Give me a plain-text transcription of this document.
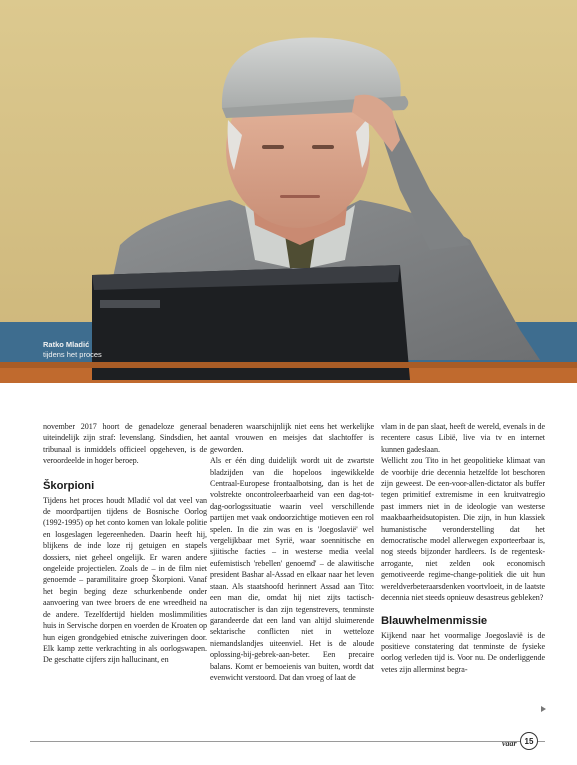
Ratko Mladić
tijdens het proces

november 2017 hoort de genadeloze generaal uiteindelijk zijn straf: levenslang. Sindsdien, het tribunaal is inmiddels officieel opgeheven, is de veroordeelde in hoger beroep.

Škorpioni

Tijdens het proces houdt Mladić vol dat veel van de moordpartijen tijdens de Bosnische Oorlog (1992-1995) op het conto komen van lokale politie en losgeslagen legereenheden. Daarin heeft hij, blijkens de inde loze rij getuigen en stapels dossiers, niet geheel ongelijk. Er waren andere ongeleide projectielen. Zoals de – in de film niet genoemde – paramilitaire groep Škorpioni. Vanaf het begin beging deze schurkenbende onder aanvoering van twee broers de ene wreedheid na de andere. Tezelfdertijd hielden moslimmilities huis in Servische dorpen en voerden de Kroaten op hun eigen grondgebied etnische zuiveringen door. Elk kamp zette verkrachting in als oorlogswapen. De geschatte cijfers zijn hallucinant, en

benaderen waarschijnlijk niet eens het werkelijke aantal vrouwen en meisjes dat slachtoffer is geworden.

Als er één ding duidelijk wordt uit de zwartste bladzijden van die hopeloos ingewikkelde Centraal-Europese frontaalbotsing, dan is het de volstrekte oncontroleerbaarheid van een dag-tot-dag-oorlogssituatie waarin veel verschillende partijen met vaak ondoorzichtige motieven een rol spelen. In die zin was en is 'Joegoslavië' wel vergelijkbaar met Syrië, waar soennitische en sjiitische facties – in westerse media veelal eufemistisch 'rebellen' genoemd' – de alawitische president Bashar al-Assad en elkaar naar het leven staan. Als staatshoofd herinnert Assad aan Tito: een man die, omdat hij niet zijts tactisch-autocratischer is dan zijn tegenstrevers, tenminste garandeerde dat een land van altijd sluimerende sektarische conflicten niet in wetteloze niemandslandjes uiteenviel. Het is de aloude oplossing-bij-gebrek-aan-beter. Een precaire balans. Komt er bemoeienis van buiten, wordt dat evenwicht verstoord. Dat dan vroeg of laat de

vlam in de pan slaat, heeft de wereld, evenals in de recentere casus Libië, live via tv en internet kunnen gadeslaan.

Wellicht zou Tito in het geopolitieke klimaat van de voorbije drie decennia hetzelfde lot beschoren zijn geweest. De een-voor-allen-dictator als buffer tegen primitief extremisme in een kruitvatregio past immers niet in de ideologie van westerse maakbaarheidsutopisten. Die zijn, in hun klassiek humanistische veronderstelling dat het democratische model allerwegen exporteerbaar is, nog steeds bijzonder hardleers. Is de regentesk-arrogante, niet zelden ook economisch gemotiveerde regime-change-politiek die uit hun wereldverbeteraarsdenken voortvloeit, in de laatste decennia niet steeds opnieuw desastreus gebleken?

Blauwhelmenmissie

Kijkend naar het voormalige Joegoslavië is de positieve constatering dat tenminste de fysieke oorlog verleden tijd is. Voor nu. De onderliggende vetes zijn allerminst begra-

vaar 15
